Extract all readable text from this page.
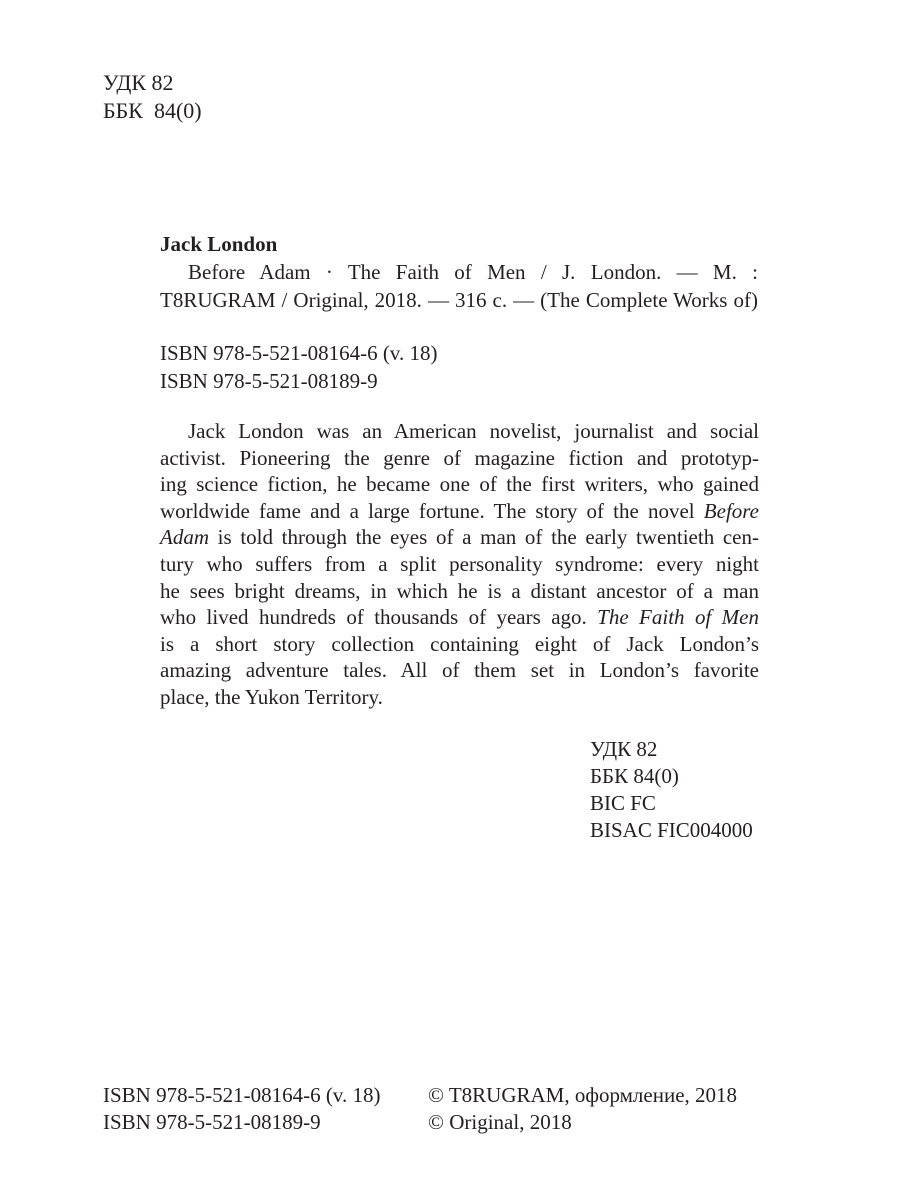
УДК 82
ББК  84(0)
Jack London
Before Adam · The Faith of Men / J. London. — M. :
T8RUGRAM / Original, 2018. — 316 с. — (The Complete Works of)
ISBN 978-5-521-08164-6 (v. 18)
ISBN 978-5-521-08189-9
Jack London was an American novelist, journalist and social
activist. Pioneering the genre of magazine fiction and prototyp-
ing science fiction, he became one of the first writers, who gained
worldwide fame and a large fortune. The story of the novel Before
Adam is told through the eyes of a man of the early twentieth cen-
tury who suffers from a split personality syndrome: every night
he sees bright dreams, in which he is a distant ancestor of a man
who lived hundreds of thousands of years ago. The Faith of Men
is a short story collection containing eight of Jack London’s
amazing adventure tales. All of them set in London’s favorite
place, the Yukon Territory.
УДК 82
ББК 84(0)
BIC FC
BISAC FIC004000
ISBN 978-5-521-08164-6 (v. 18)
ISBN 978-5-521-08189-9
© T8RUGRAM, оформление, 2018
© Original, 2018
